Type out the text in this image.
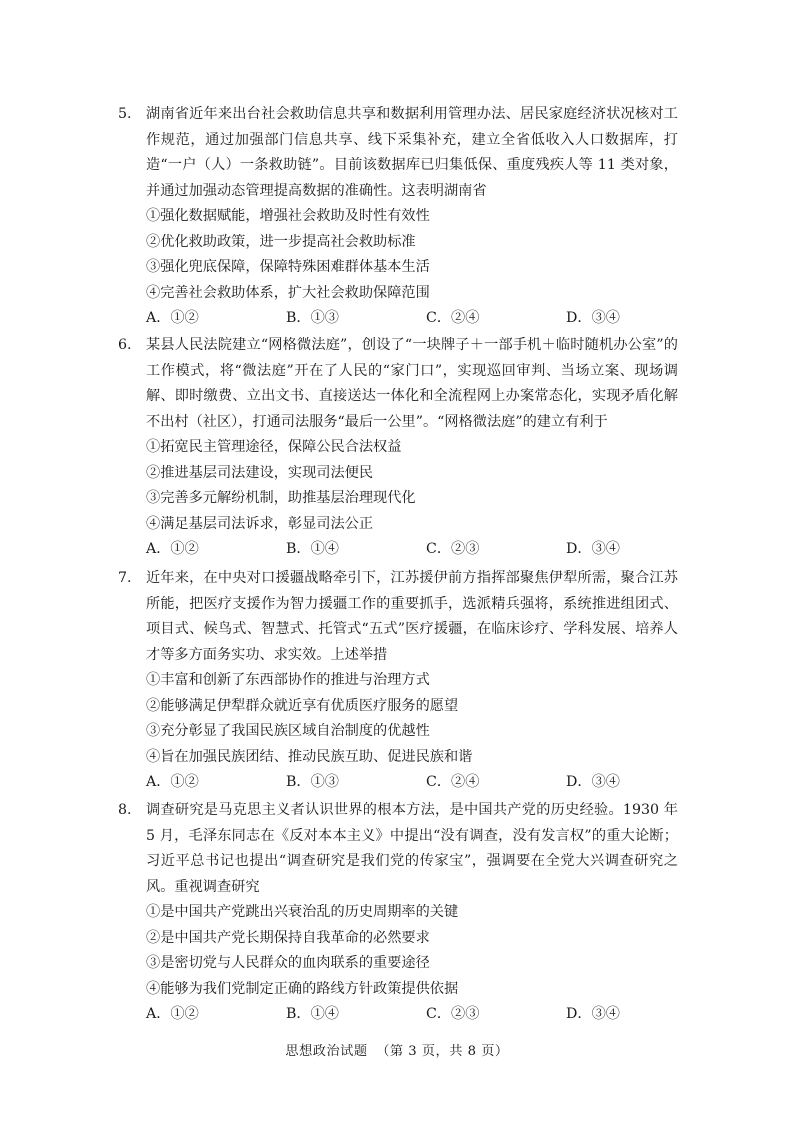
5. 湖南省近年来出台社会救助信息共享和数据利用管理办法、居民家庭经济状况核对工作规范，通过加强部门信息共享、线下采集补充，建立全省低收入人口数据库，打造“一户（人）一条救助链”。目前该数据库已归集低保、重度残疾人等 11 类对象，并通过加强动态管理提高数据的准确性。这表明湖南省
①强化数据赋能，增强社会救助及时性有效性
②优化救助政策，进一步提高社会救助标准
③强化兜底保障，保障特殊困难群体基本生活
④完善社会救助体系，扩大社会救助保障范围
A．①②	B．①③	C．②④	D．③④
6. 某县人民法院建立“网格微法庭”，创设了“一块牌子＋一部手机＋临时随机办公室”的工作模式，将“微法庭”开在了人民的“家门口”，实现巡回审判、当场立案、现场调解、即时缴费、立出文书、直接送达一体化和全流程网上办案常态化，实现矛盾化解不出村（社区），打通司法服务“最后一公里”。“网格微法庭”的建立有利于
①拓宽民主管理途径，保障公民合法权益
②推进基层司法建设，实现司法便民
③完善多元解纷机制，助推基层治理现代化
④满足基层司法诉求，彰显司法公正
A．①②	B．①④	C．②③	D．③④
7. 近年来，在中央对口援疆战略牵引下，江苏援伊前方指挥部聚焦伊犁所需，聚合江苏所能，把医疗支援作为智力援疆工作的重要抓手，选派精兵强将，系统推进组团式、项目式、候鸟式、智慧式、托管式“五式”医疗援疆，在临床诊疗、学科发展、培养人才等多方面务实功、求实效。上述举措
①丰富和创新了东西部协作的推进与治理方式
②能够满足伊犁群众就近享有优质医疗服务的愿望
③充分彰显了我国民族区域自治制度的优越性
④旨在加强民族团结、推动民族互助、促进民族和谐
A．①②	B．①③	C．②④	D．③④
8. 调查研究是马克思主义者认识世界的根本方法，是中国共产党的历史经验。1930 年 5 月，毛泽东同志在《反对本本主义》中提出“没有调查，没有发言权”的重大论断；习近平总书记也提出“调查研究是我们党的传家宝”，强调要在全党大兴调查研究之风。重视调查研究
①是中国共产党跳出兴衰治乱的历史周期率的关键
②是中国共产党长期保持自我革命的必然要求
③是密切党与人民群众的血肉联系的重要途径
④能够为我们党制定正确的路线方针政策提供依据
A．①②	B．①④	C．②③	D．③④
思想政治试题 （第 3 页，共 8 页）
